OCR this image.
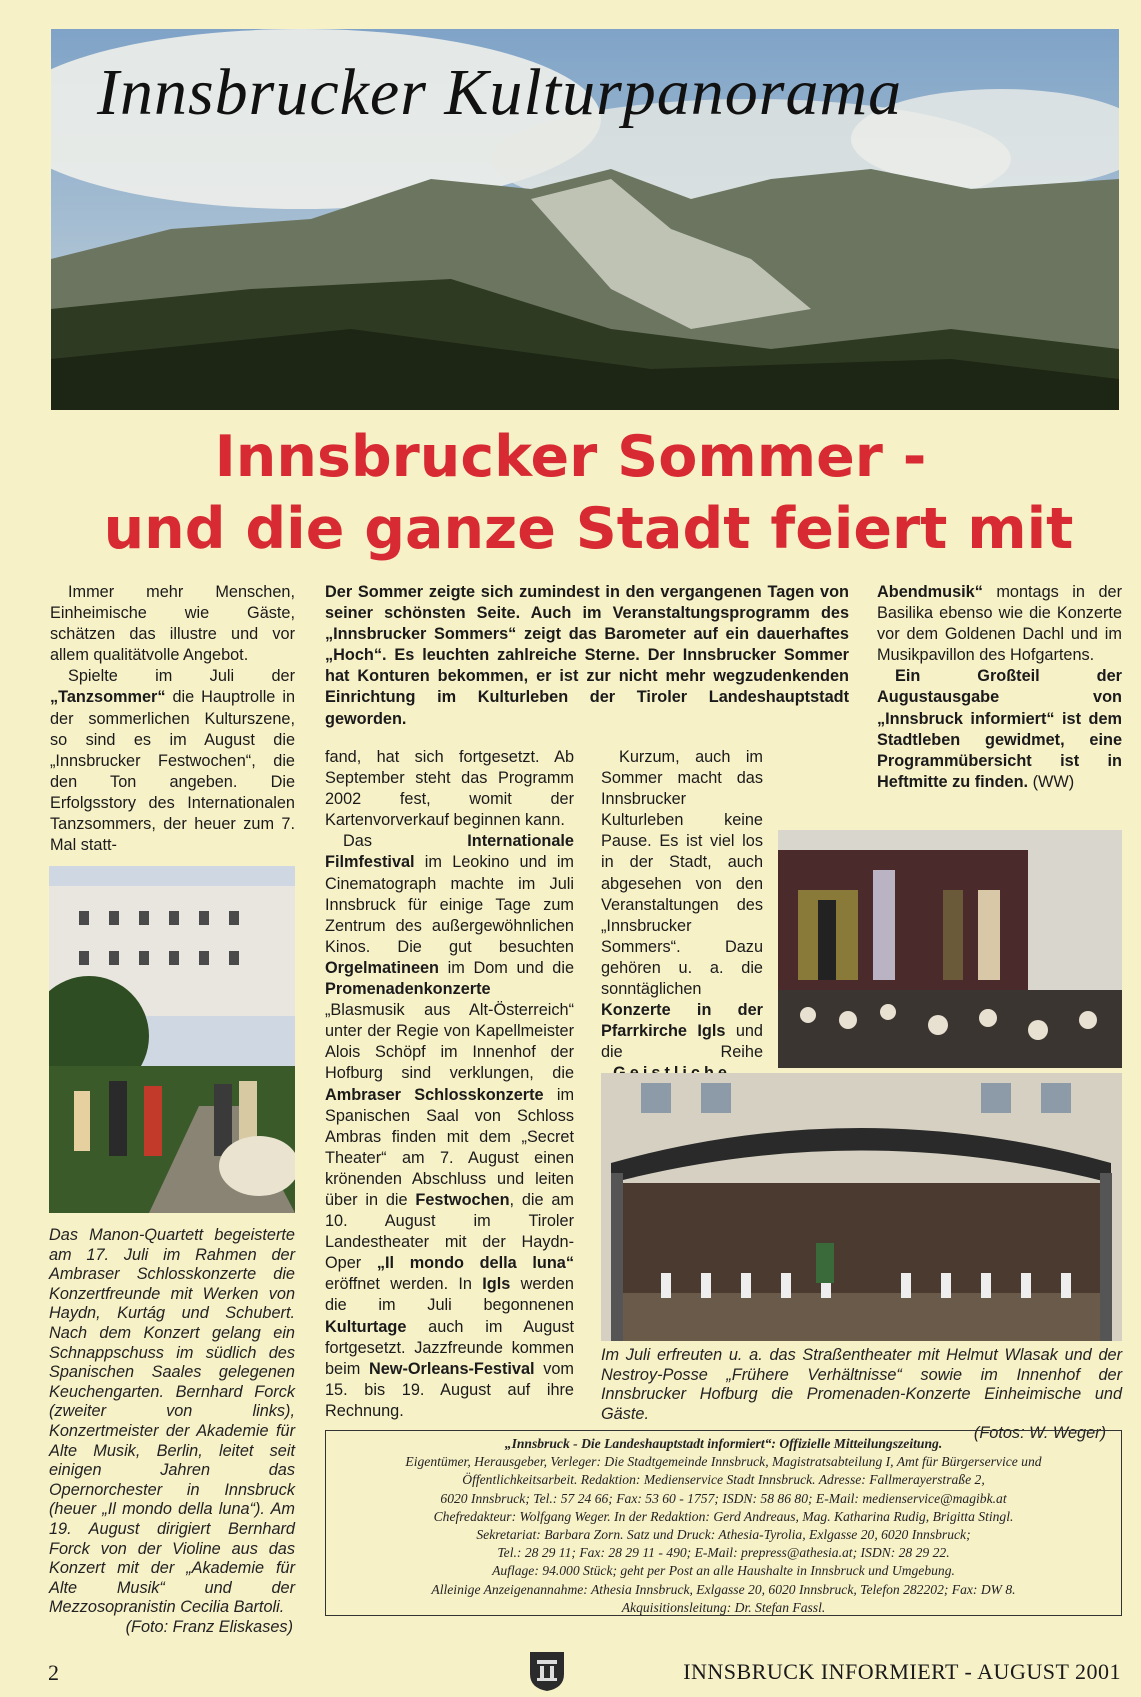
Innsbrucker Kulturpanorama
Innsbrucker Sommer -
und die ganze Stadt feiert mit

Immer mehr Menschen, Einheimische wie Gäste, schätzen das illustre und vor allem qualitätvolle Angebot.

Spielte im Juli der „Tanzsommer“ die Hauptrolle in der sommerlichen Kulturszene, so sind es im August die „Innsbrucker Festwochen“, die den Ton angeben. Die Erfolgsstory des Internationalen Tanzsommers, der heuer zum 7. Mal statt-

Das Manon-Quartett begeisterte am 17. Juli im Rahmen der Ambraser Schlosskonzerte die Konzertfreunde mit Werken von Haydn, Kurtág und Schubert. Nach dem Konzert gelang ein Schnappschuss im südlich des Spanischen Saales gelegenen Keuchengarten. Bernhard Forck (zweiter von links), Konzertmeister der Akademie für Alte Musik, Berlin, leitet seit einigen Jahren das Opernorchester in Innsbruck (heuer „Il mondo della luna“). Am 19. August dirigiert Bernhard Forck von der Violine aus das Konzert mit der „Akademie für Alte Musik“ und der Mezzosopranistin Cecilia Bartoli.
(Foto: Franz Eliskases)
Der Sommer zeigte sich zumindest in den vergangenen Tagen von seiner schönsten Seite. Auch im Veranstaltungsprogramm des „Innsbrucker Sommers“ zeigt das Barometer auf ein dauerhaftes „Hoch“. Es leuchten zahlreiche Sterne. Der Innsbrucker Sommer hat Konturen bekommen, er ist zur nicht mehr wegzudenkenden Einrichtung im Kulturleben der Tiroler Landeshauptstadt geworden.

fand, hat sich fortgesetzt. Ab September steht das Programm 2002 fest, womit der Kartenvorverkauf beginnen kann.

Das Internationale Filmfestival im Leokino und im Cinematograph machte im Juli Innsbruck für einige Tage zum Zentrum des außergewöhnlichen Kinos. Die gut besuchten Orgelmatineen im Dom und die Promenadenkonzerte „Blasmusik aus Alt-Österreich“ unter der Regie von Kapellmeister Alois Schöpf im Innenhof der Hofburg sind verklungen, die Ambraser Schlosskonzerte im Spanischen Saal von Schloss Ambras finden mit dem „Secret Theater“ am 7. August einen krönenden Abschluss und leiten über in die Festwochen, die am 10. August im Tiroler Landestheater mit der Haydn-Oper „Il mondo della luna“ eröffnet werden. In Igls werden die im Juli begonnenen Kulturtage auch im August fortgesetzt. Jazzfreunde kommen beim New-Orleans-Festival vom 15. bis 19. August auf ihre Rechnung.

Kurzum, auch im Sommer macht das Innsbrucker Kulturleben keine Pause. Es ist viel los in der Stadt, auch abgesehen von den Veranstaltungen des „Innsbrucker Sommers“. Dazu gehören u. a. die sonntäglichen Konzerte in der Pfarrkirche Igls und die Reihe

Abendmusik“ montags in der Basilika ebenso wie die Konzerte vor dem Goldenen Dachl und im Musikpavillon des Hofgartens.

Ein Großteil der Augustausgabe von „Innsbruck informiert“ ist dem Stadtleben gewidmet, eine Programmübersicht ist in Heftmitte zu finden. (WW)

Im Juli erfreuten u. a. das Straßentheater mit Helmut Wlasak und der Nestroy-Posse „Frühere Verhältnisse“ sowie im Innenhof der Innsbrucker Hofburg die Promenaden-Konzerte Einheimische und Gäste.
(Fotos: W. Weger)
„Innsbruck - Die Landeshauptstadt informiert“: Offizielle Mitteilungszeitung.
Eigentümer, Herausgeber, Verleger: Die Stadtgemeinde Innsbruck, Magistratsabteilung I, Amt für Bürgerservice und
Öffentlichkeitsarbeit. Redaktion: Medienservice Stadt Innsbruck. Adresse: Fallmerayerstraße 2,
6020 Innsbruck; Tel.: 57 24 66; Fax: 53 60 - 1757; ISDN: 58 86 80; E-Mail: medienservice@magibk.at
Chefredakteur: Wolfgang Weger. In der Redaktion: Gerd Andreaus, Mag. Katharina Rudig, Brigitta Stingl.
Sekretariat: Barbara Zorn. Satz und Druck: Athesia-Tyrolia, Exlgasse 20, 6020 Innsbruck;
Tel.: 28 29 11; Fax: 28 29 11 - 490; E-Mail: prepress@athesia.at; ISDN: 28 29 22.
Auflage: 94.000 Stück; geht per Post an alle Haushalte in Innsbruck und Umgebung.
Alleinige Anzeigenannahme: Athesia Innsbruck, Exlgasse 20, 6020 Innsbruck, Telefon 282202; Fax: DW 8.
Akquisitionsleitung: Dr. Stefan Fassl.
2	INNSBRUCK INFORMIERT - AUGUST 2001
